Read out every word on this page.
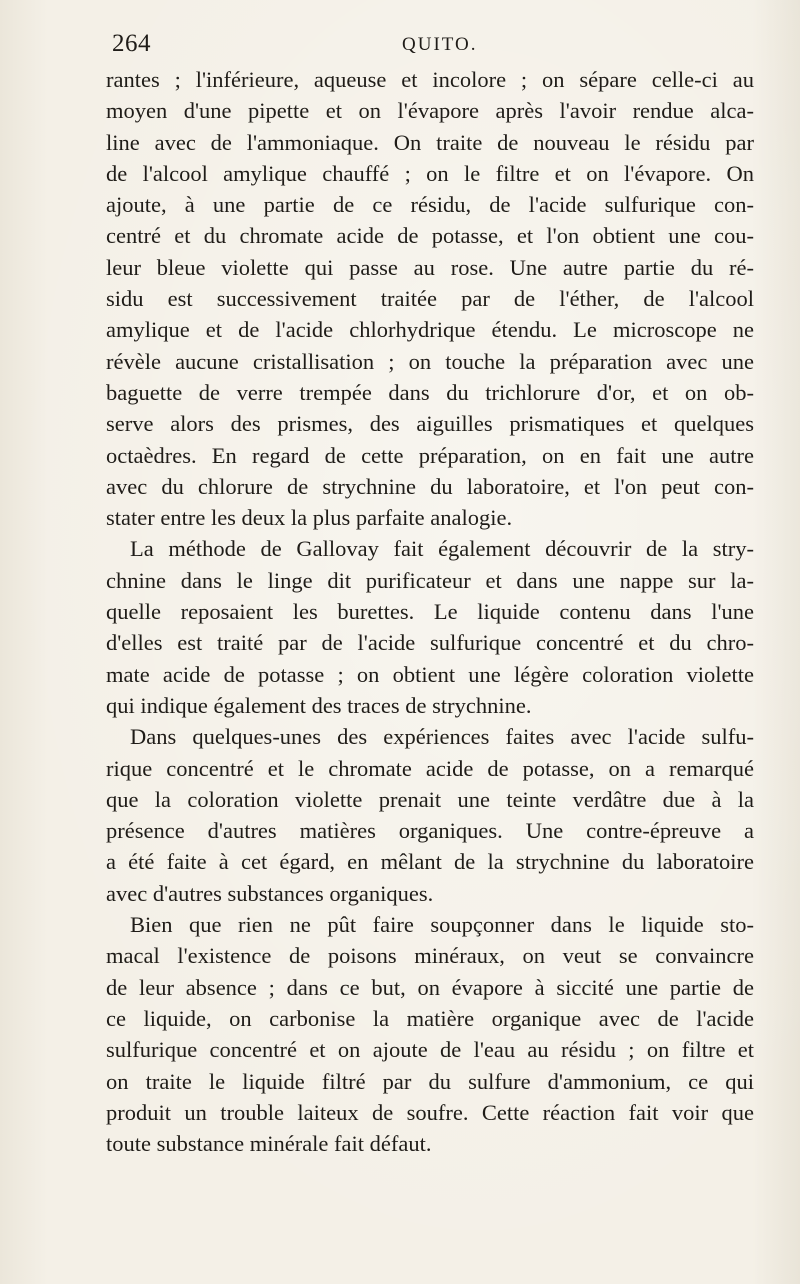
264	QUITO.
rantes ; l'inférieure, aqueuse et incolore ; on sépare celle-ci au
moyen d'une pipette et on l'évapore après l'avoir rendue alca-
line avec de l'ammoniaque. On traite de nouveau le résidu par
de l'alcool amylique chauffé ; on le filtre et on l'évapore. On
ajoute, à une partie de ce résidu, de l'acide sulfurique con-
centré et du chromate acide de potasse, et l'on obtient une cou-
leur bleue violette qui passe au rose. Une autre partie du ré-
sidu est successivement traitée par de l'éther, de l'alcool
amylique et de l'acide chlorhydrique étendu. Le microscope ne
révèle aucune cristallisation ; on touche la préparation avec une
baguette de verre trempée dans du trichlorure d'or, et on ob-
serve alors des prismes, des aiguilles prismatiques et quelques
octaèdres. En regard de cette préparation, on en fait une autre
avec du chlorure de strychnine du laboratoire, et l'on peut con-
stater entre les deux la plus parfaite analogie.
La méthode de Gallovay fait également découvrir de la stry-
chnine dans le linge dit purificateur et dans une nappe sur la-
quelle reposaient les burettes. Le liquide contenu dans l'une
d'elles est traité par de l'acide sulfurique concentré et du chro-
mate acide de potasse ; on obtient une légère coloration violette
qui indique également des traces de strychnine.
Dans quelques-unes des expériences faites avec l'acide sulfu-
rique concentré et le chromate acide de potasse, on a remarqué
que la coloration violette prenait une teinte verdâtre due à la
présence d'autres matières organiques. Une contre-épreuve a
a été faite à cet égard, en mêlant de la strychnine du laboratoire
avec d'autres substances organiques.
Bien que rien ne pût faire soupçonner dans le liquide sto-
macal l'existence de poisons minéraux, on veut se convaincre
de leur absence ; dans ce but, on évapore à siccité une partie de
ce liquide, on carbonise la matière organique avec de l'acide
sulfurique concentré et on ajoute de l'eau au résidu ; on filtre et
on traite le liquide filtré par du sulfure d'ammonium, ce qui
produit un trouble laiteux de soufre. Cette réaction fait voir que
toute substance minérale fait défaut.
